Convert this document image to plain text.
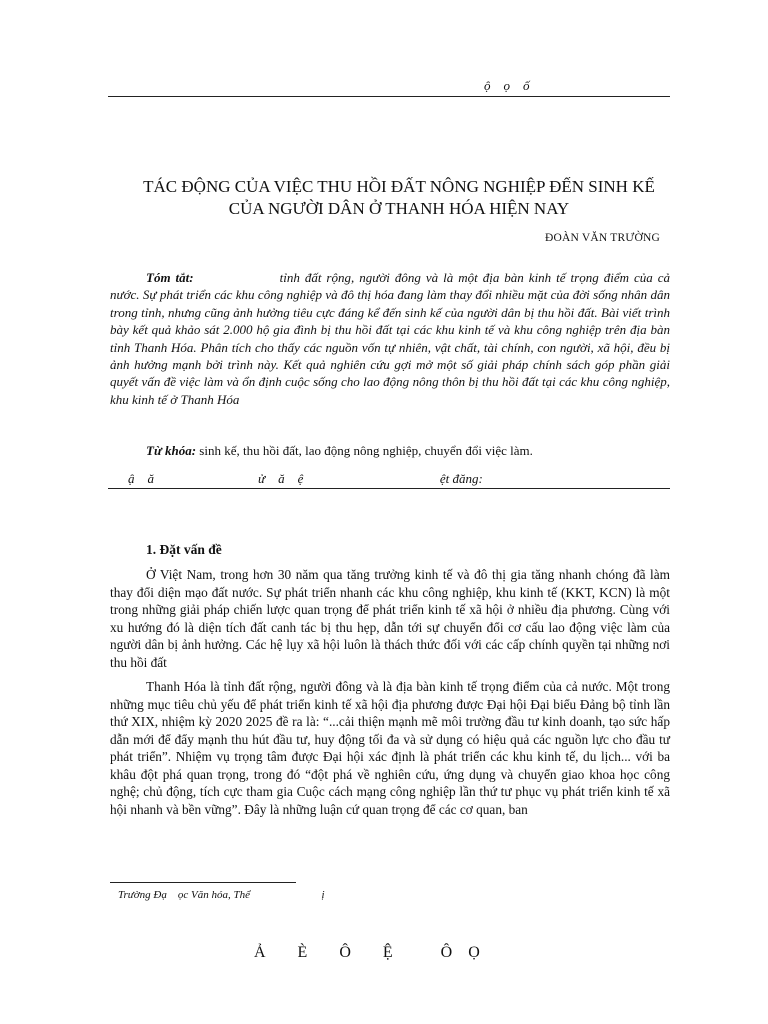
ộ    ọ    ố
TÁC ĐỘNG CỦA VIỆC THU HỒI ĐẤT NÔNG NGHIỆP ĐẾN SINH KẾ
CỦA NGƯỜI DÂN Ở THANH HÓA HIỆN NAY
ĐOÀN VĂN TRƯỜNG
Tóm tắt:	tỉnh đất rộng, người đông và là một địa bàn kinh tế trọng điểm của cả nước. Sự phát triển các khu công nghiệp và đô thị hóa đang làm thay đổi nhiều mặt của đời sống nhân dân trong tỉnh, nhưng cũng ảnh hưởng tiêu cực đáng kể đến sinh kế của người dân bị thu hồi đất. Bài viết trình bày kết quả khảo sát 2.000 hộ gia đình bị thu hồi đất tại các khu kinh tế và khu công nghiệp trên địa bàn tỉnh Thanh Hóa. Phân tích cho thấy các nguồn vốn tự nhiên, vật chất, tài chính, con người, xã hội, đều bị ảnh hưởng mạnh bởi trình này. Kết quả nghiên cứu gợi mở một số giải pháp chính sách góp phần giải quyết vấn đề việc làm và ổn định cuộc sống cho lao động nông thôn bị thu hồi đất tại các khu công nghiệp, khu kinh tế ở Thanh Hóa
Từ khóa: sinh kế, thu hồi đất, lao động nông nghiệp, chuyển đổi việc làm.
ậ    ă                                ử    ă    ệ                                          ệt đăng:
1. Đặt vấn đề

Ở Việt Nam, trong hơn 30 năm qua tăng trưởng kinh tế và đô thị gia tăng nhanh chóng đã làm thay đổi diện mạo đất nước. Sự phát triển nhanh các khu công nghiệp, khu kinh tế (KKT, KCN) là một trong những giải pháp chiến lược quan trọng để phát triển kinh tế xã hội ở nhiều địa phương. Cùng với xu hướng đó là diện tích đất canh tác bị thu hẹp, dẫn tới sự chuyển đổi cơ cấu lao động việc làm của người dân bị ảnh hưởng. Các hệ lụy xã hội luôn là thách thức đối với các cấp chính quyền tại những nơi thu hồi đất

Thanh Hóa là tỉnh đất rộng, người đông và là địa bàn kinh tế trọng điểm của cả nước. Một trong những mục tiêu chủ yếu để phát triển kinh tế xã hội địa phương được Đại hội Đại biểu Đảng bộ tỉnh lần thứ XIX, nhiệm kỳ 2020 2025 đề ra là: “...cải thiện mạnh mẽ môi trường đầu tư kinh doanh, tạo sức hấp dẫn mới để đẩy mạnh thu hút đầu tư, huy động tối đa và sử dụng có hiệu quả các nguồn lực cho đầu tư phát triển”. Nhiệm vụ trọng tâm được Đại hội xác định là phát triển các khu kinh tế, du lịch... với ba khâu đột phá quan trọng, trong đó “đột phá về nghiên cứu, ứng dụng và chuyển giao khoa học công nghệ; chủ động, tích cực tham gia Cuộc cách mạng công nghiệp lần thứ tư phục vụ phát triển kinh tế xã hội nhanh và bền vững”. Đây là những luận cứ quan trọng để các cơ quan, ban

Trường Đạ    ọc Văn hóa, Thể                          ị
Ả        È        Ô        Ệ            Ô    Ọ
